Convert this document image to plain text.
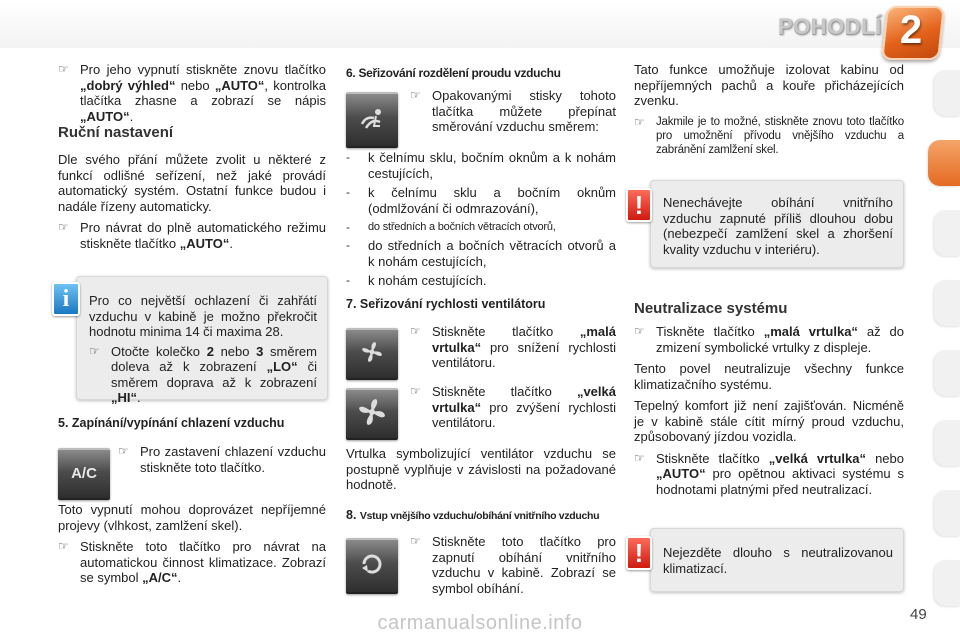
POHODLÍ 2
☞ Pro jeho vypnutí stiskněte znovu tlačítko „dobrý výhled“ nebo „AUTO“, kontrolka tlačítka zhasne a zobrazí se nápis „AUTO“.
Ruční nastavení

Dle svého přání můžete zvolit u některé z funkcí odlišné seřízení, než jaké provádí automatický systém. Ostatní funkce budou i nadále řízeny automaticky.

☞ Pro návrat do plně automatického režimu stiskněte tlačítko „AUTO“.

Pro co největší ochlazení či zahřátí vzduchu v kabině je možno překročit hodnotu minima 14 či maxima 28.

☞ Otočte kolečko 2 nebo 3 směrem doleva až k zobrazení „LO“ či směrem doprava až k zobrazení „HI“.
i
5. Zapínání/vypínání chlazení vzduchu
A/C
☞ Pro zastavení chlazení vzduchu stiskněte toto tlačítko.

Toto vypnutí mohou doprovázet nepříjemné projevy (vlhkost, zamlžení skel).

☞ Stiskněte toto tlačítko pro návrat na automatickou činnost klimatizace. Zobrazí se symbol „A/C“.
6. Seřizování rozdělení proudu vzduchu
☞ Opakovanými stisky tohoto tlačítka můžete přepínat směrování vzduchu směrem:
-	k čelnímu sklu, bočním oknům a k nohám cestujících,
-	k čelnímu sklu a bočním oknům (odmlžování či odmrazování),
-	do středních a bočních větracích otvorů,
-	do středních a bočních větracích otvorů a k nohám cestujících,
-	k nohám cestujících.
7. Seřizování rychlosti ventilátoru
☞ Stiskněte tlačítko „malá vrtulka“ pro snížení rychlosti ventilátoru.
☞ Stiskněte tlačítko „velká vrtulka“ pro zvýšení rychlosti ventilátoru.

Vrtulka symbolizující ventilátor vzduchu se postupně vyplňuje v závislosti na požadované hodnotě.

8. Vstup vnějšího vzduchu/obíhání vnitřního vzduchu
☞ Stiskněte toto tlačítko pro zapnutí obíhání vnitřního vzduchu v kabině. Zobrazí se symbol obíhání.

Tato funkce umožňuje izolovat kabinu od nepříjemných pachů a kouře přicházejících zvenku.

☞ Jakmile je to možné, stiskněte znovu toto tlačítko pro umožnění přívodu vnějšího vzduchu a zabránění zamlžení skel.

Nenechávejte obíhání vnitřního vzduchu zapnuté příliš dlouhou dobu (nebezpečí zamlžení skel a zhoršení kvality vzduchu v interiéru).

!
Neutralizace systému
☞ Tiskněte tlačítko „malá vrtulka“ až do zmizení symbolické vrtulky z displeje.

Tento povel neutralizuje všechny funkce klimatizačního systému.

Tepelný komfort již není zajišťován. Nicméně je v kabině stále cítit mírný proud vzduchu, způsobovaný jízdou vozidla.

☞ Stiskněte tlačítko „velká vrtulka“ nebo „AUTO“ pro opětnou aktivaci systému s hodnotami platnými před neutralizací.

Nejezděte dlouho s neutralizovanou klimatizací.

!
49
carmanualsonline.info
